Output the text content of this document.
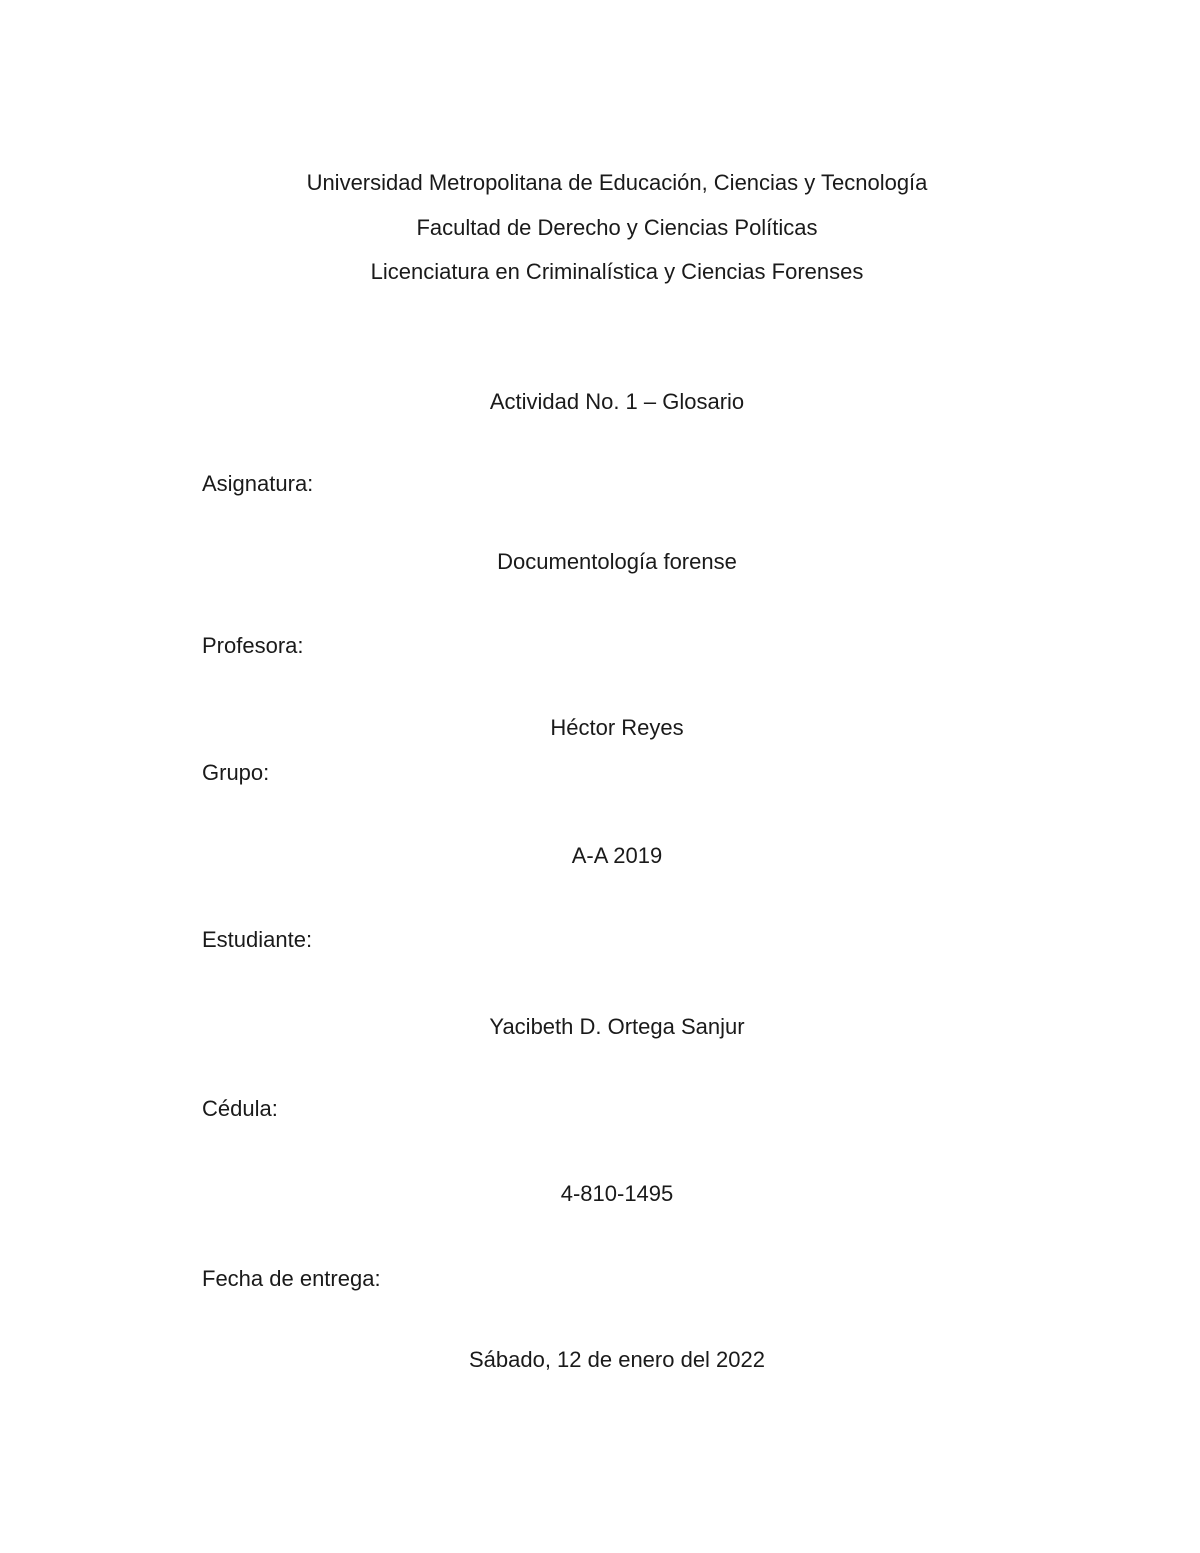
Universidad Metropolitana de Educación, Ciencias y Tecnología
Facultad de Derecho y Ciencias Políticas
Licenciatura en Criminalística y Ciencias Forenses
Actividad No. 1 – Glosario
Asignatura:
Documentología forense
Profesora:
Héctor Reyes
Grupo:
A-A 2019
Estudiante:
Yacibeth D. Ortega Sanjur
Cédula:
4-810-1495
Fecha de entrega:
Sábado, 12 de enero del 2022
